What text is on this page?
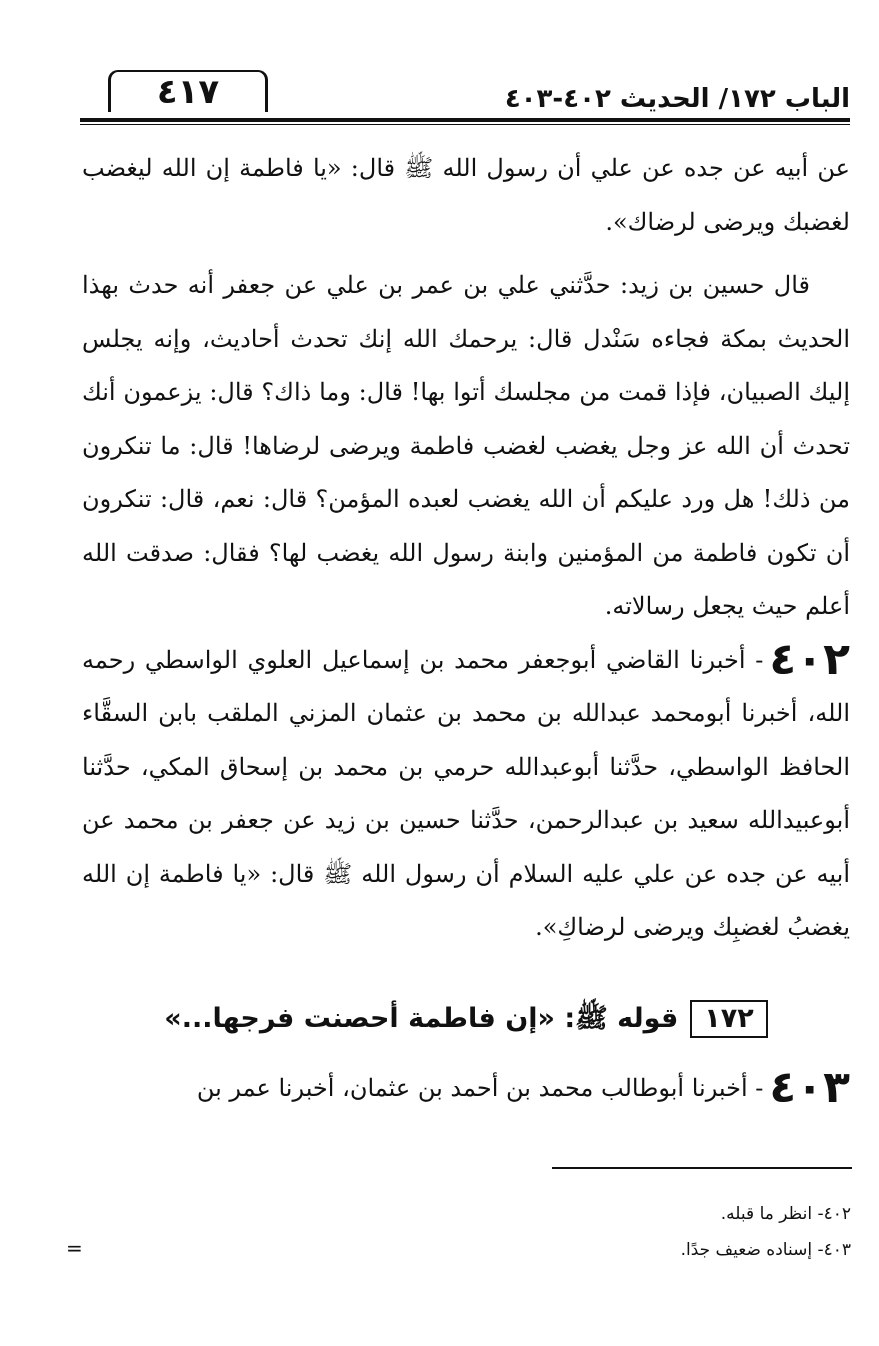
الباب ١٧٢/ الحديث ٤٠٢-٤٠٣
٤١٧

عن أبيه عن جده عن علي أن رسول الله ﷺ قال: «يا فاطمة إن الله ليغضب لغضبك ويرضى لرضاك».

قال حسين بن زيد: حدَّثني علي بن عمر بن علي عن جعفر أنه حدث بهذا الحديث بمكة فجاءه سَنْدل قال: يرحمك الله إنك تحدث أحاديث، وإنه يجلس إليك الصبيان، فإذا قمت من مجلسك أتوا بها! قال: وما ذاك؟ قال: يزعمون أنك تحدث أن الله عز وجل يغضب لغضب فاطمة ويرضى لرضاها! قال: ما تنكرون من ذلك! هل ورد عليكم أن الله يغضب لعبده المؤمن؟ قال: نعم، قال: تنكرون أن تكون فاطمة من المؤمنين وابنة رسول الله يغضب لها؟ فقال: صدقت الله أعلم حيث يجعل رسالاته.

٤٠٢- أخبرنا القاضي أبوجعفر محمد بن إسماعيل العلوي الواسطي رحمه الله، أخبرنا أبومحمد عبدالله بن محمد بن عثمان المزني الملقب بابن السقَّاء الحافظ الواسطي، حدَّثنا أبوعبدالله حرمي بن محمد بن إسحاق المكي، حدَّثنا أبوعبيدالله سعيد بن عبدالرحمن، حدَّثنا حسين بن زيد عن جعفر بن محمد عن أبيه عن جده عن علي عليه السلام أن رسول الله ﷺ قال: «يا فاطمة إن الله يغضبُ لغضبِك ويرضى لرضاكِ».

١٧٢قوله ﷺ: «إن فاطمة أحصنت فرجها...»
٤٠٣- أخبرنا أبوطالب محمد بن أحمد بن عثمان، أخبرنا عمر بن

٤٠٢- انظر ما قبله.

٤٠٣- إسناده ضعيف جدًا.

=
